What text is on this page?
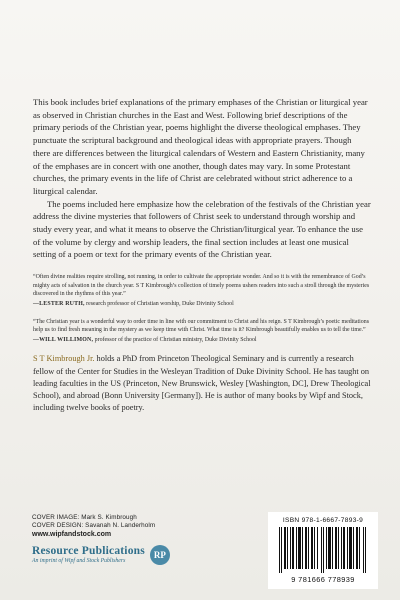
This book includes brief explanations of the primary emphases of the Christian or liturgical year as observed in Christian churches in the East and West. Following brief descriptions of the primary periods of the Christian year, poems highlight the diverse theological emphases. They punctuate the scriptural background and theological ideas with appropriate prayers. Though there are differences between the liturgical calendars of Western and Eastern Christianity, many of the emphases are in concert with one another, though dates may vary. In some Protestant churches, the primary events in the life of Christ are celebrated without strict adherence to a liturgical calendar.

The poems included here emphasize how the celebration of the festivals of the Christian year address the divine mysteries that followers of Christ seek to understand through worship and study every year, and what it means to observe the Christian/liturgical year. To enhance the use of the volume by clergy and worship leaders, the final section includes at least one musical setting of a poem or text for the primary events of the Christian year.

“Often divine realities require strolling, not running, in order to cultivate the appropriate wonder. And so it is with the remembrance of God’s mighty acts of salvation in the church year. S T Kimbrough’s collection of timely poems ushers readers into such a stroll through the mysteries discovered in the rhythms of this year.”

—LESTER RUTH, research professor of Christian worship, Duke Divinity School

“The Christian year is a wonderful way to order time in line with our commitment to Christ and his reign. S T Kimbrough’s poetic meditations help us to find fresh meaning in the mystery as we keep time with Christ. What time is it? Kimbrough beautifully enables us to tell the time.”

—WILL WILLIMON, professor of the practice of Christian ministry, Duke Divinity School

S T Kimbrough Jr. holds a PhD from Princeton Theological Seminary and is currently a research fellow of the Center for Studies in the Wesleyan Tradition of Duke Divinity School. He has taught on leading faculties in the US (Princeton, New Brunswick, Wesley [Washington, DC], Drew Theological School), and abroad (Bonn University [Germany]). He is author of many books by Wipf and Stock, including twelve books of poetry.

COVER IMAGE: Mark S. Kimbrough
COVER DESIGN: Savanah N. Landerholm
www.wipfandstock.com
Resource Publications
An imprint of Wipf and Stock Publishers
RP
ISBN 978-1-6667-7893-9
9 781666 778939
